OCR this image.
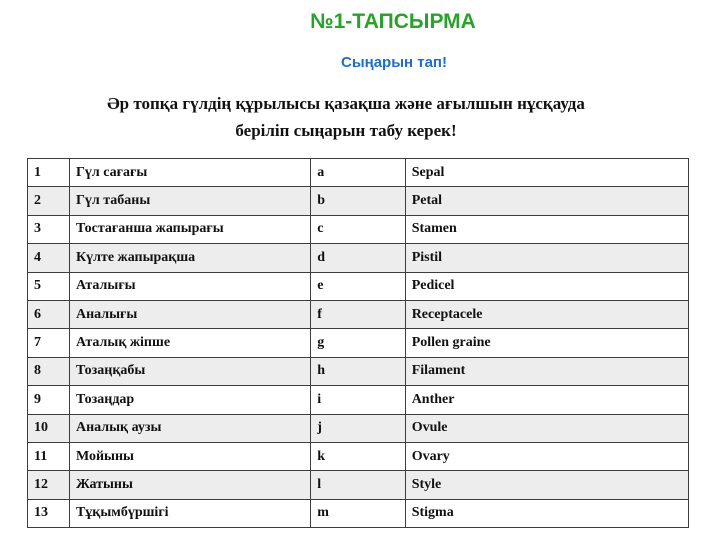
№1-ТАПСЫРМА
Сыңарын тап!
Әр топқа гүлдің құрылысы қазақша және ағылшын нұсқауда
беріліп сыңарын табу керек!
1	Гүл сағағы	a	Sepal
2	Гүл табаны	b	Petal
3	Тостағанша жапырағы	c	Stamen
4	Күлте жапырақша	d	Pistil
5	Аталығы	e	Pedicel
6	Аналығы	f	Receptacele
7	Аталық жіпше	g	Pollen graine
8	Тозаңқабы	h	Filament
9	Тозаңдар	i	Anther
10	Аналық аузы	j	Ovule
11	Мойыны	k	Ovary
12	Жатыны	l	Style
13	Тұқымбүршігі	m	Stigma
